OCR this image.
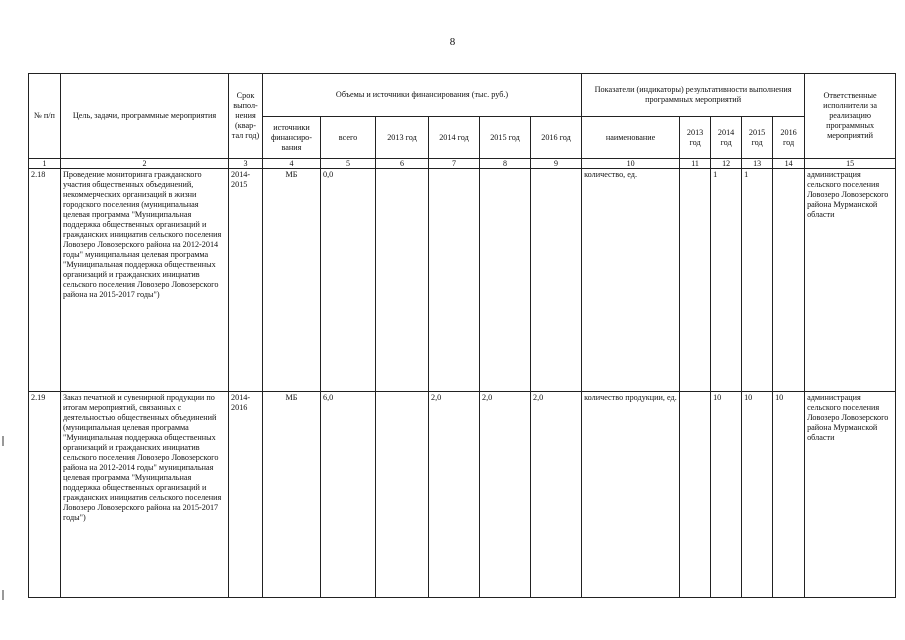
8
№ п/п	Цель, задачи, программные мероприятия	Срок выпол-нения (квар-тал год)	Объемы и источники финансирования (тыс. руб.)						Показатели (индикаторы) результативности выполнения программных мероприятий					Ответственные исполнители за реализацию программных мероприятий
			источники финансиро-вания	всего	2013 год	2014 год	2015 год	2016 год	наименование	2013 год	2014 год	2015 год	2016 год	
1	2	3	4	5	6	7	8	9	10	11	12	13	14	15
2.18	Проведение мониторинга гражданского участия общественных объединений, некоммерческих организаций в жизни городского поселения (муниципальная целевая программа "Муниципальная поддержка общественных организаций и гражданских инициатив сельского поселения Ловозеро Ловозерского района на 2012-2014 годы" муниципальная целевая программа "Муниципальная поддержка общественных организаций и гражданских инициатив сельского поселения Ловозеро Ловозерского района на 2015-2017 годы")	2014-2015	МБ	0,0					количество, ед.		1	1		администрация сельского поселения Ловозеро Ловозерского района Мурманской области
2.19	Заказ печатной и сувенирной продукции по итогам мероприятий, связанных с деятельностью общественных объединений (муниципальная целевая программа "Муниципальная поддержка общественных организаций и гражданских инициатив сельского поселения Ловозеро Ловозерского района на 2012-2014 годы" муниципальная целевая программа "Муниципальная поддержка общественных организаций и гражданских инициатив сельского поселения Ловозеро Ловозерского района на 2015-2017 годы")	2014-2016	МБ	6,0		2,0	2,0	2,0	количество продукции, ед.		10	10	10	администрация сельского поселения Ловозеро Ловозерского района Мурманской области
